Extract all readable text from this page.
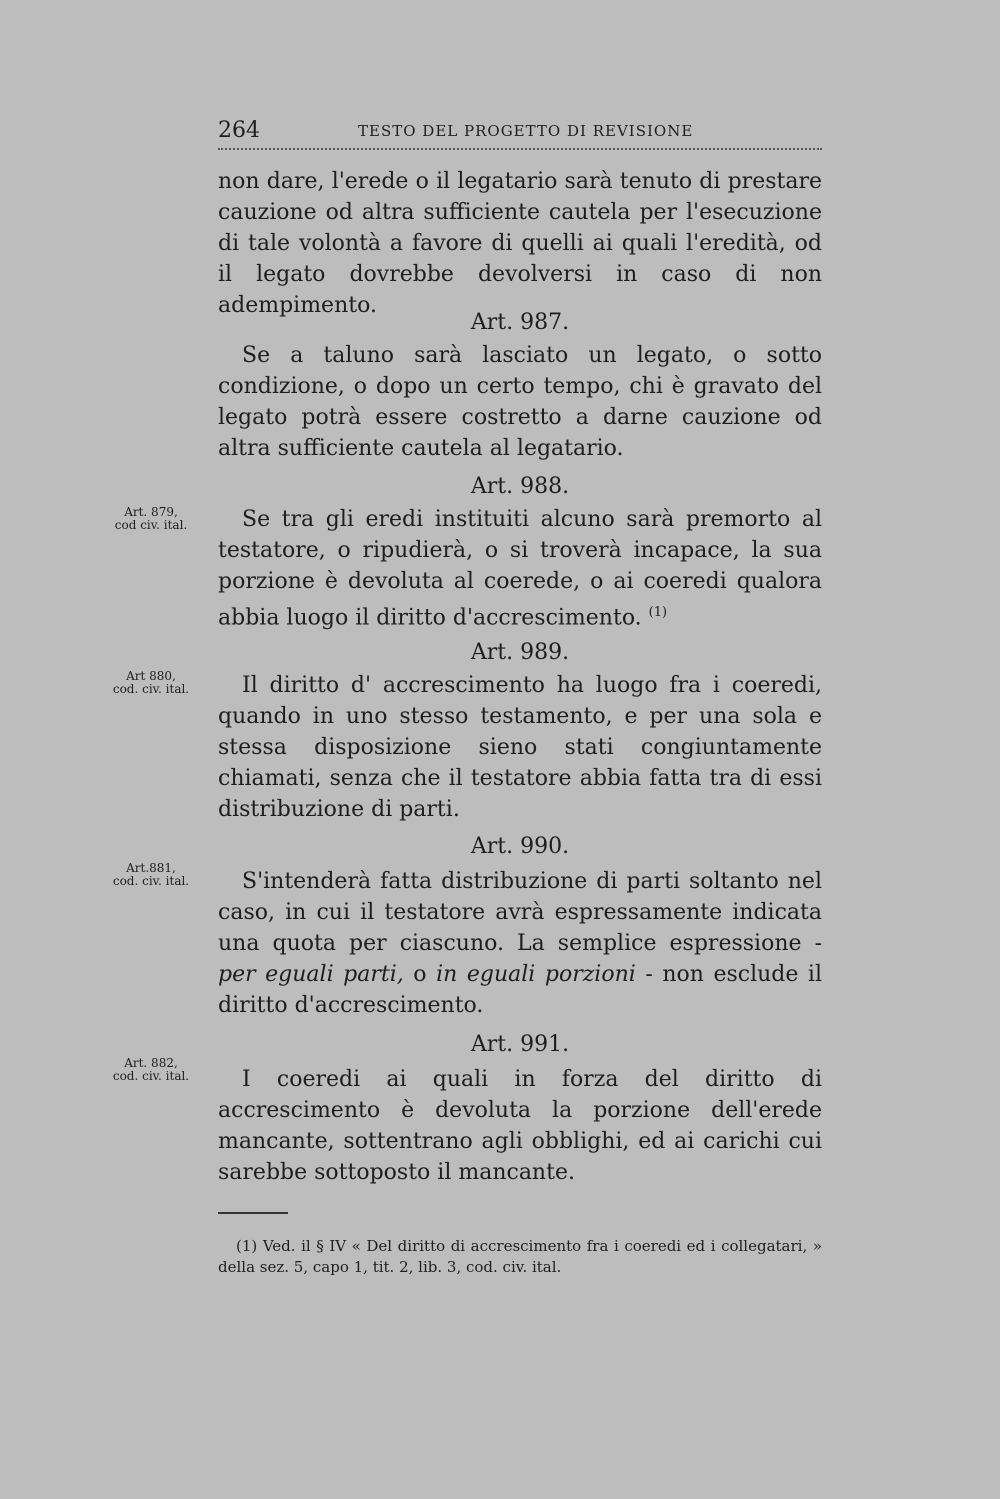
264	TESTO DEL PROGETTO DI REVISIONE

non dare, l'erede o il legatario sarà tenuto di prestare cauzione od altra sufficiente cautela per l'esecuzione di tale volontà a favore di quelli ai quali l'eredità, od il legato dovrebbe devolversi in caso di non adempimento.

Art. 987.

Se a taluno sarà lasciato un legato, o sotto condizione, o dopo un certo tempo, chi è gravato del legato potrà essere costretto a darne cauzione od altra sufficiente cautela al legatario.

Art. 879,
cod civ. ital.
Art. 988.

Se tra gli eredi instituiti alcuno sarà premorto al testatore, o ripudierà, o si troverà incapace, la sua porzione è devoluta al coerede, o ai coeredi qualora abbia luogo il diritto d'accrescimento. $^{(1)}$

Art 880,
cod. civ. ital.
Art. 989.

Il diritto d' accrescimento ha luogo fra i coeredi, quando in uno stesso testamento, e per una sola e stessa disposizione sieno stati congiuntamente chiamati, senza che il testatore abbia fatta tra di essi distribuzione di parti.

Art.881,
cod. civ. ital.
Art. 990.

S'intenderà fatta distribuzione di parti soltanto nel caso, in cui il testatore avrà espressamente indicata una quota per ciascuno. La semplice espressione - per eguali parti, o in eguali porzioni - non esclude il diritto d'accrescimento.

Art. 882,
cod. civ. ital.
Art. 991.

I coeredi ai quali in forza del diritto di accrescimento è devoluta la porzione dell'erede mancante, sottentrano agli obblighi, ed ai carichi cui sarebbe sottoposto il mancante.

(1) Ved. il § IV « Del diritto di accrescimento fra i coeredi ed i collegatari, » della sez. 5, capo 1, tit. 2, lib. 3, cod. civ. ital.
